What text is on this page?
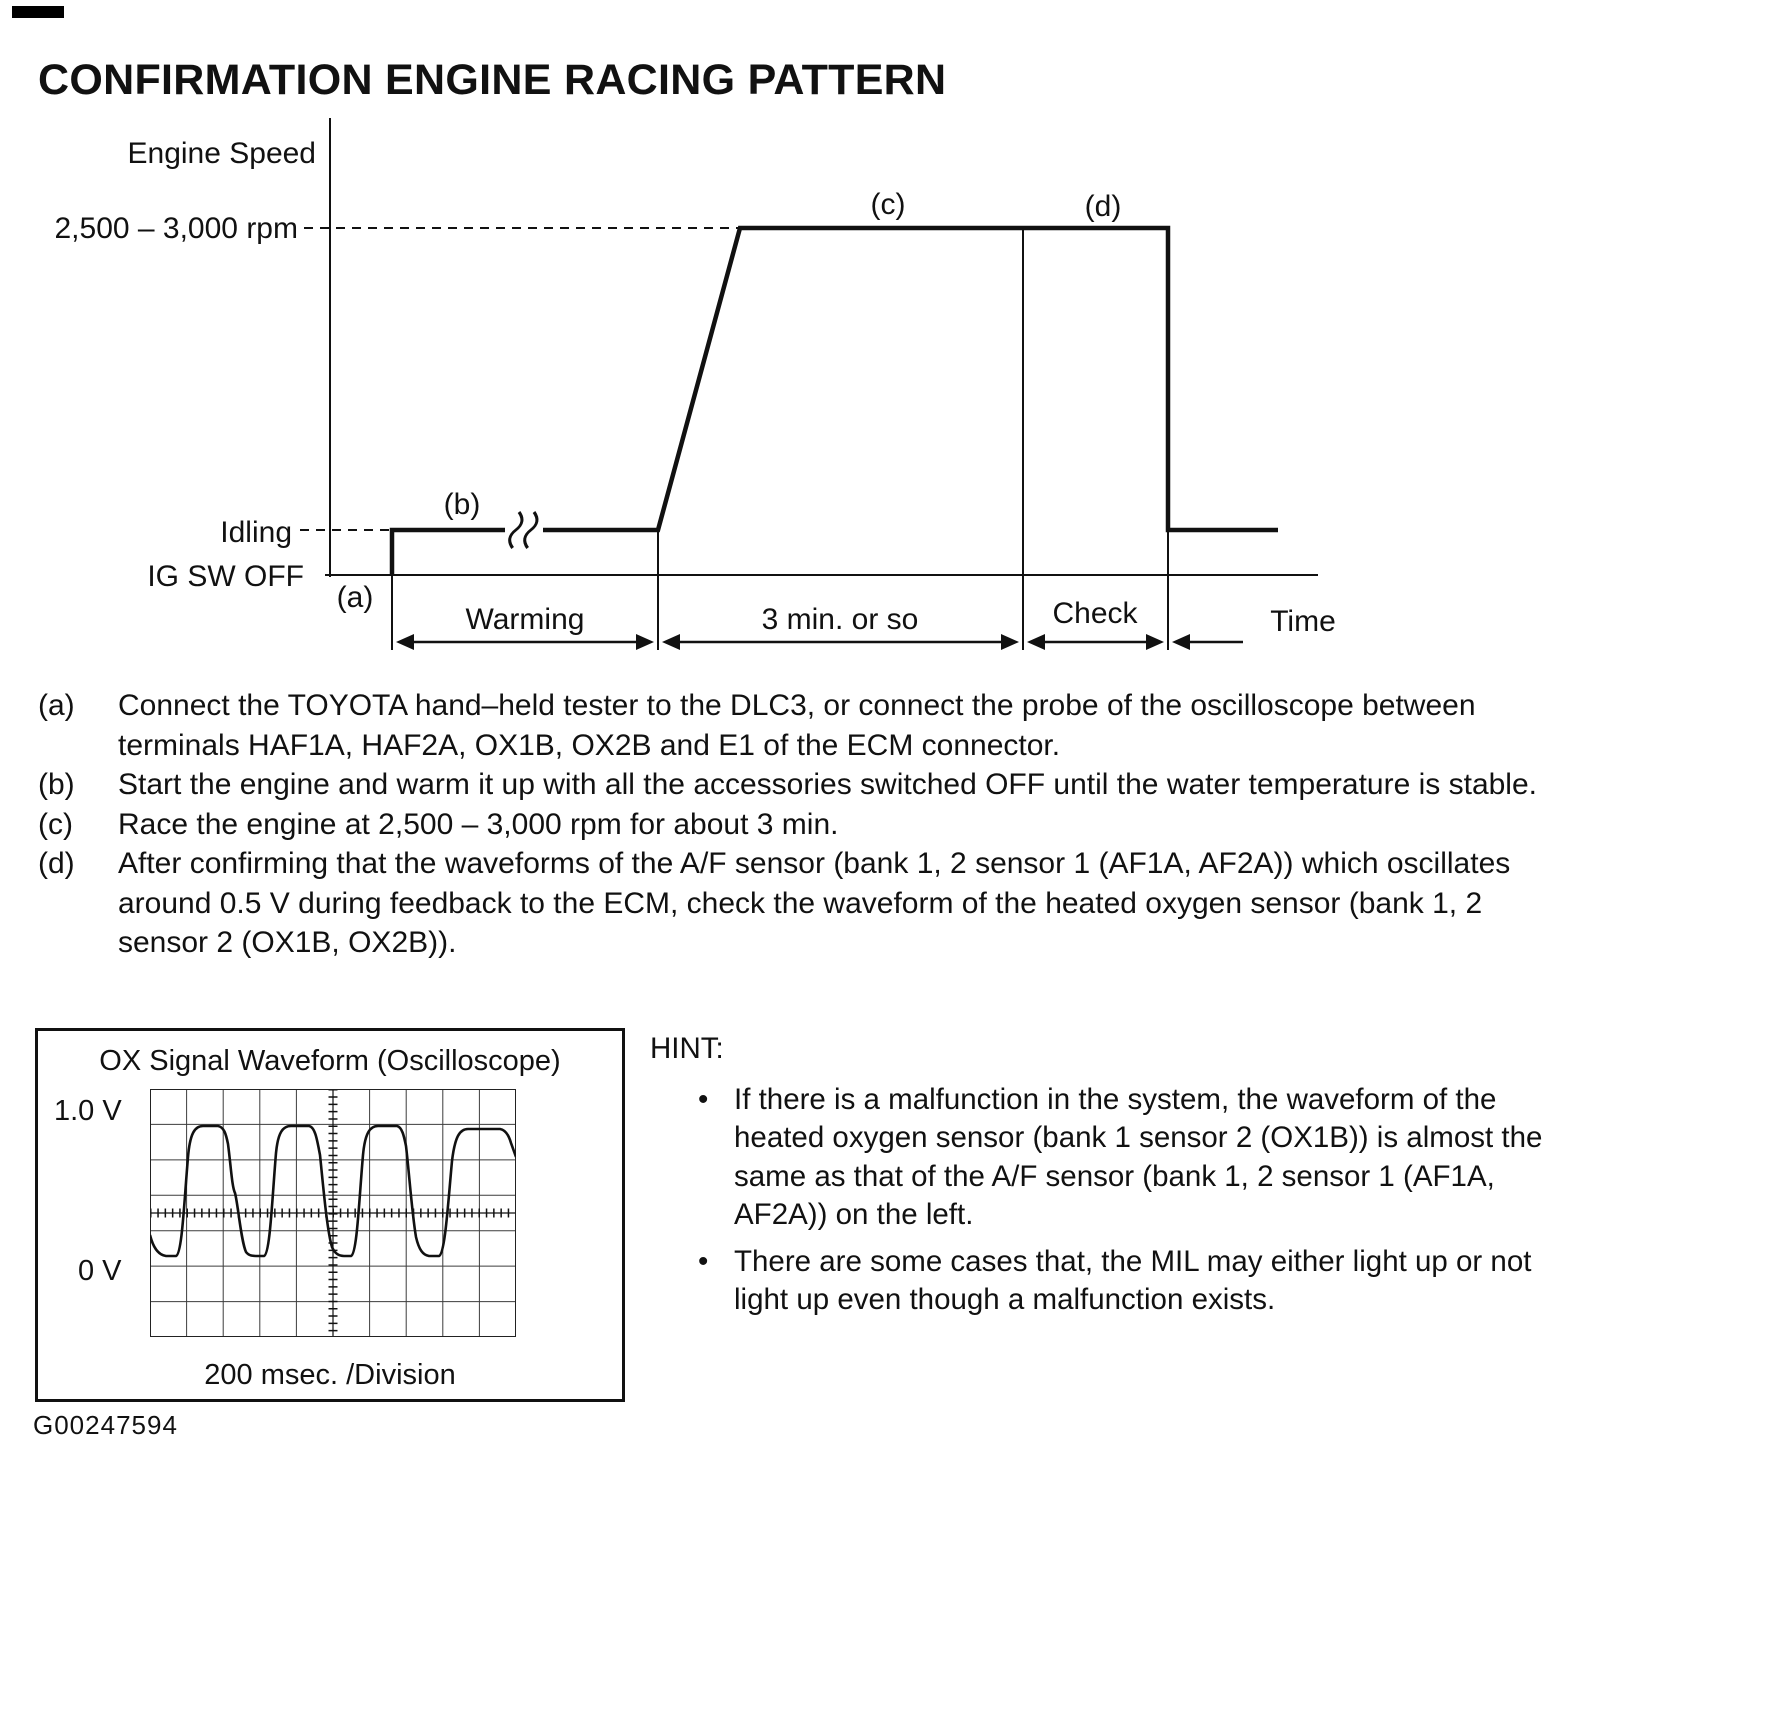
CONFIRMATION ENGINE RACING PATTERN
Engine Speed
2,500 – 3,000 rpm
Idling
IG SW OFF
(a)
(b)
(c)	(d)
Warming	3 min. or so	Check	Time
(a)	Connect the TOYOTA hand–held tester to the DLC3, or connect the probe of the oscilloscope between terminals HAF1A, HAF2A, OX1B, OX2B and E1 of the ECM connector.
(b)	Start the engine and warm it up with all the accessories switched OFF until the water temperature is stable.
(c)	Race the engine at 2,500 – 3,000 rpm for about 3 min.
(d)	After confirming that the waveforms of the A/F sensor (bank 1, 2 sensor 1 (AF1A, AF2A)) which oscillates around 0.5 V during feedback to the ECM, check the waveform of the heated oxygen sensor (bank 1, 2 sensor 2 (OX1B, OX2B)).
OX Signal Waveform (Oscilloscope)
1.0 V
0 V
200 msec. /Division
HINT:
• If there is a malfunction in the system, the waveform of the heated oxygen sensor (bank 1 sensor 2 (OX1B)) is almost the same as that of the A/F sensor (bank 1, 2 sensor 1 (AF1A, AF2A)) on the left.
• There are some cases that, the MIL may either light up or not light up even though a malfunction exists.
G00247594
